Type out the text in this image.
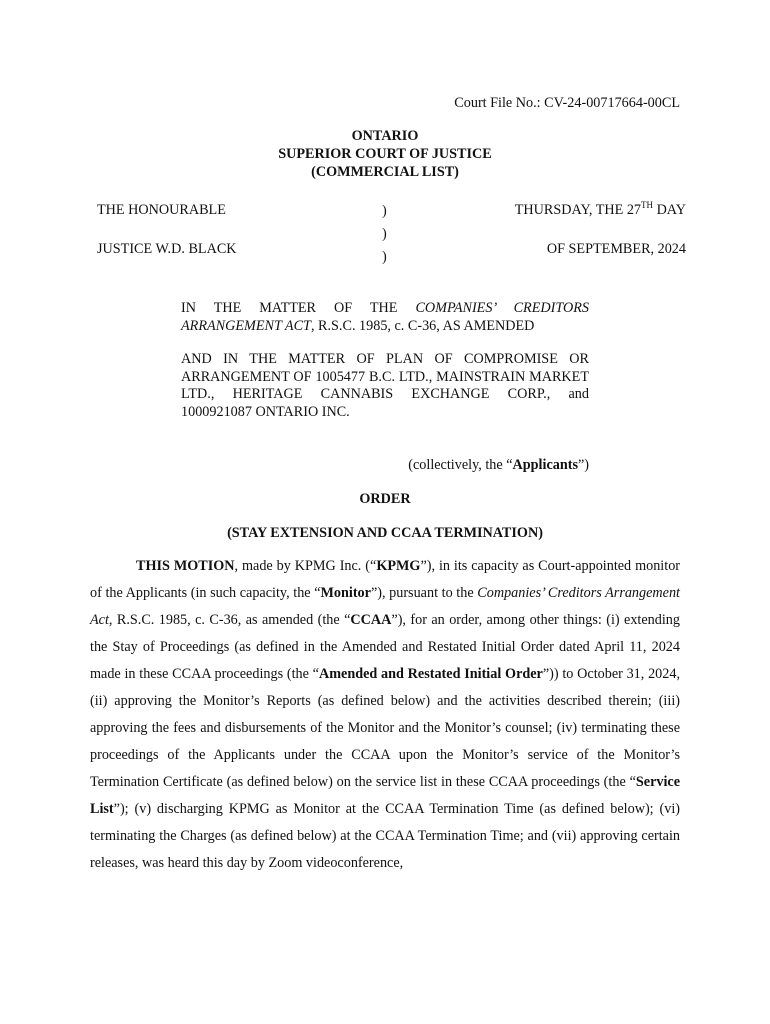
Court File No.: CV-24-00717664-00CL
ONTARIO
SUPERIOR COURT OF JUSTICE
(COMMERCIAL LIST)
THE HONOURABLE
JUSTICE W.D. BLACK
)
)
)
THURSDAY, THE 27TH DAY
OF SEPTEMBER, 2024
IN THE MATTER OF THE COMPANIES’ CREDITORS ARRANGEMENT ACT, R.S.C. 1985, c. C-36, AS AMENDED
AND IN THE MATTER OF PLAN OF COMPROMISE OR ARRANGEMENT OF 1005477 B.C. LTD., MAINSTRAIN MARKET LTD., HERITAGE CANNABIS EXCHANGE CORP., and 1000921087 ONTARIO INC.
(collectively, the “Applicants”)
ORDER
(STAY EXTENSION AND CCAA TERMINATION)

THIS MOTION, made by KPMG Inc. (“KPMG”), in its capacity as Court-appointed monitor of the Applicants (in such capacity, the “Monitor”), pursuant to the Companies’ Creditors Arrangement Act, R.S.C. 1985, c. C-36, as amended (the “CCAA”), for an order, among other things: (i) extending the Stay of Proceedings (as defined in the Amended and Restated Initial Order dated April 11, 2024 made in these CCAA proceedings (the “Amended and Restated Initial Order”)) to October 31, 2024, (ii) approving the Monitor’s Reports (as defined below) and the activities described therein; (iii) approving the fees and disbursements of the Monitor and the Monitor’s counsel; (iv) terminating these proceedings of the Applicants under the CCAA upon the Monitor’s service of the Monitor’s Termination Certificate (as defined below) on the service list in these CCAA proceedings (the “Service List”); (v) discharging KPMG as Monitor at the CCAA Termination Time (as defined below); (vi) terminating the Charges (as defined below) at the CCAA Termination Time; and (vii) approving certain releases, was heard this day by Zoom videoconference,
